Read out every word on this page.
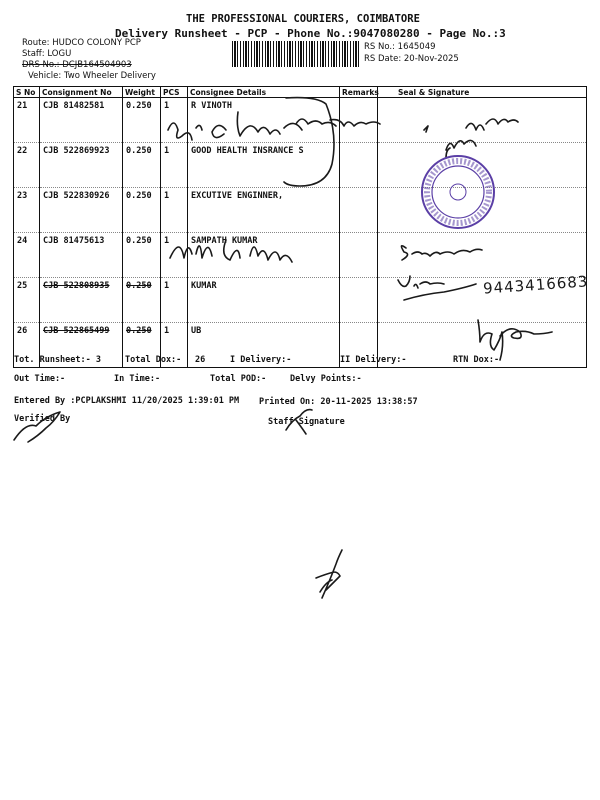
THE PROFESSIONAL COURIERS, COIMBATORE
Delivery Runsheet - PCP - Phone No.:9047080280 - Page No.:3
Route: HUDCO COLONY PCP
Staff: LOGU
DRS No.: DCJB164504903
Vehicle: Two Wheeler Delivery
RS No.: 1645049
RS Date: 20-Nov-2025
S No	Consignment No	Weight	PCS	Consignee Details	Remarks	Seal & Signature
21	CJB 81482581	0.250	1	R VINOTH		
22	CJB 522869923	0.250	1	GOOD HEALTH INSRANCE S		
23	CJB 522830926	0.250	1	EXCUTIVE ENGINNER,		
24	CJB 81475613	0.250	1	SAMPATH KUMAR		
25	CJB 522808935	0.250	1	KUMAR		
26	CJB 522865499	0.250	1	UB		
Tot. Runsheet:- 3	Total Dox:- 26	I Delivery:-	II Delivery:-	RTN Dox:-
Out Time:-	In Time:-	Total POD:-	Delvy Points:-
Entered By :PCPLAKSHMI 11/20/2025 1:39:01 PM Printed On: 20-11-2025 13:38:57
Verified By	Staff Signature
9443416683
